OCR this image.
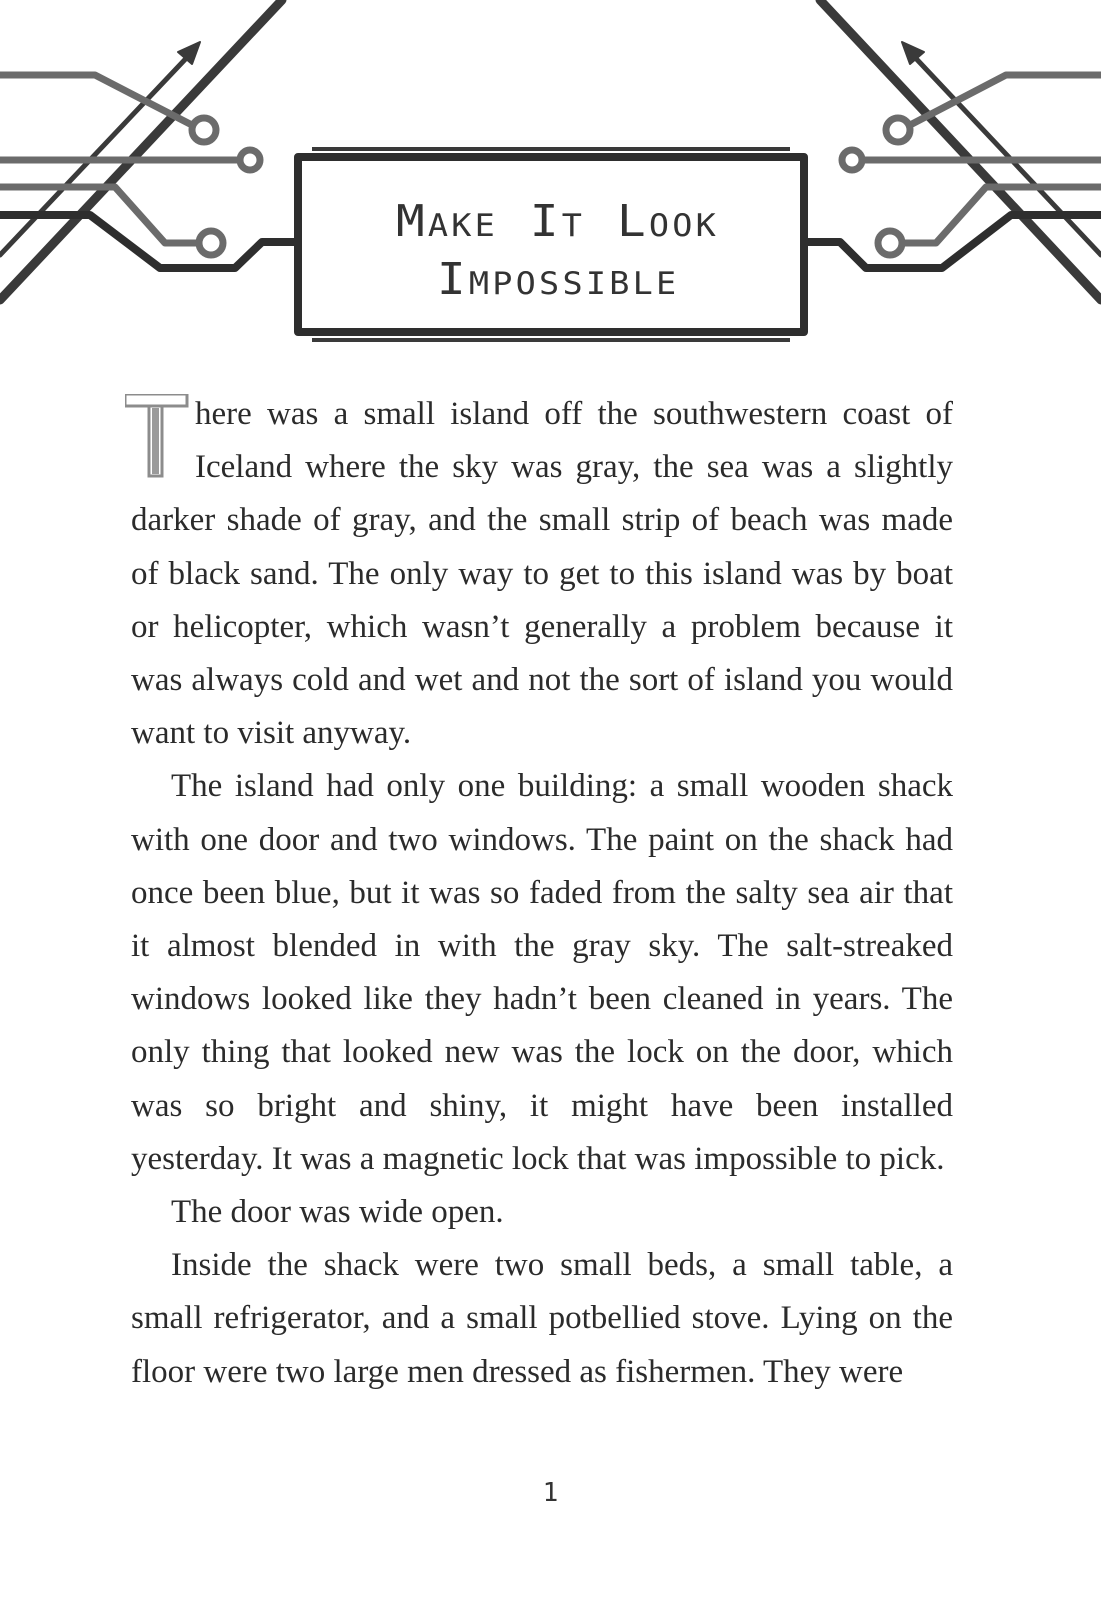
Make It Look
Impossible

here was a small island off the southwestern coast of Iceland where the sky was gray, the sea was a slightly darker shade of gray, and the small strip of beach was made of black sand. The only way to get to this island was by boat or helicopter, which wasn’t generally a problem because it was always cold and wet and not the sort of island you would want to visit anyway.

The island had only one building: a small wooden shack with one door and two windows. The paint on the shack had once been blue, but it was so faded from the salty sea air that it almost blended in with the gray sky. The salt-streaked windows looked like they hadn’t been cleaned in years. The only thing that looked new was the lock on the door, which was so bright and shiny, it might have been installed yesterday. It was a magnetic lock that was impossible to pick.

The door was wide open.

Inside the shack were two small beds, a small table, a small refrigerator, and a small potbellied stove. Lying on the floor were two large men dressed as fishermen. They were

1
